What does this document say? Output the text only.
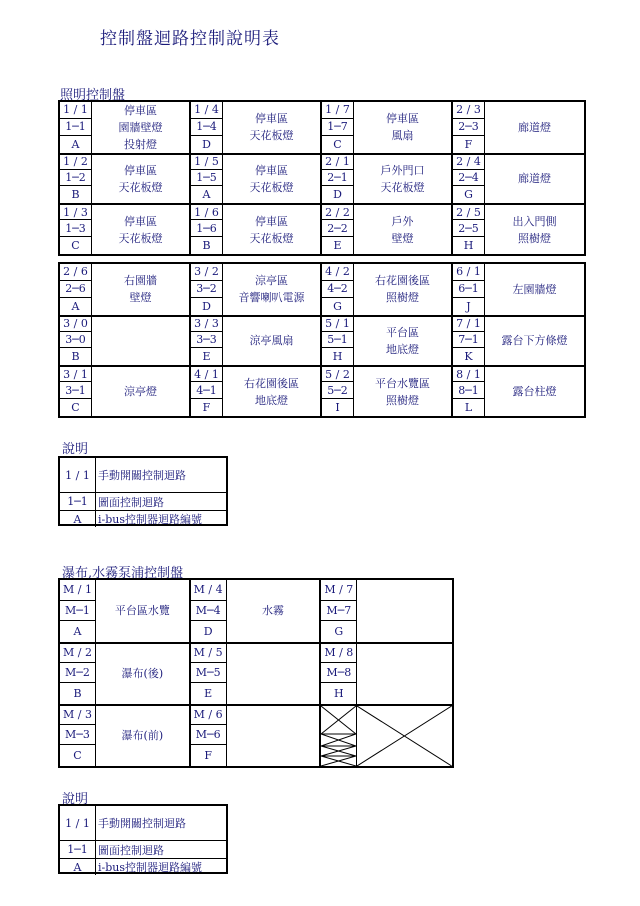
控制盤迴路控制說明表
照明控制盤
1 / 1
1─1
A
停車區
園牆壁燈
投射燈
1 / 4
1─4
D
停車區
天花板燈
1 / 7
1─7
C
停車區
風扇
2 / 3
2─3
F
廊道燈
1 / 2
1─2
B
停車區
天花板燈
1 / 5
1─5
A
停車區
天花板燈
2 / 1
2─1
D
戶外門口
天花板燈
2 / 4
2─4
G
廊道燈
1 / 3
1─3
C
停車區
天花板燈
1 / 6
1─6
B
停車區
天花板燈
2 / 2
2─2
E
戶外
壁燈
2 / 5
2─5
H
出入門側
照樹燈
2 / 6
2─6
A
右園牆
壁燈
3 / 2
3─2
D
涼亭區
音響喇叭電源
4 / 2
4─2
G
右花園後區
照樹燈
6 / 1
6─1
J
左園牆燈
3 / 0
3─0
B
3 / 3
3─3
E
涼亭風扇
5 / 1
5─1
H
平台區
地底燈
7 / 1
7─1
K
露台下方條燈
3 / 1
3─1
C
涼亭燈
4 / 1
4─1
F
右花園後區
地底燈
5 / 2
5─2
I
平台水覽區
照樹燈
8 / 1
8─1
L
露台柱燈
說明
1 / 1 手動開關控制迴路
1─1 圖面控制迴路
A	i-bus控制器迴路編號
瀑布,水霧泵浦控制盤
M / 1
M─1
A
平台區水覽
M / 4
M─4
D
水霧
M / 7
M─7
G
M / 2
M─2
B
瀑布(後)
M / 5
M─5
E
M / 8
M─8
H
M / 3
M─3
C
瀑布(前)
M / 6
M─6
F
說明
1 / 1 手動開關控制迴路
1─1 圖面控制迴路
A	i-bus控制器迴路編號
